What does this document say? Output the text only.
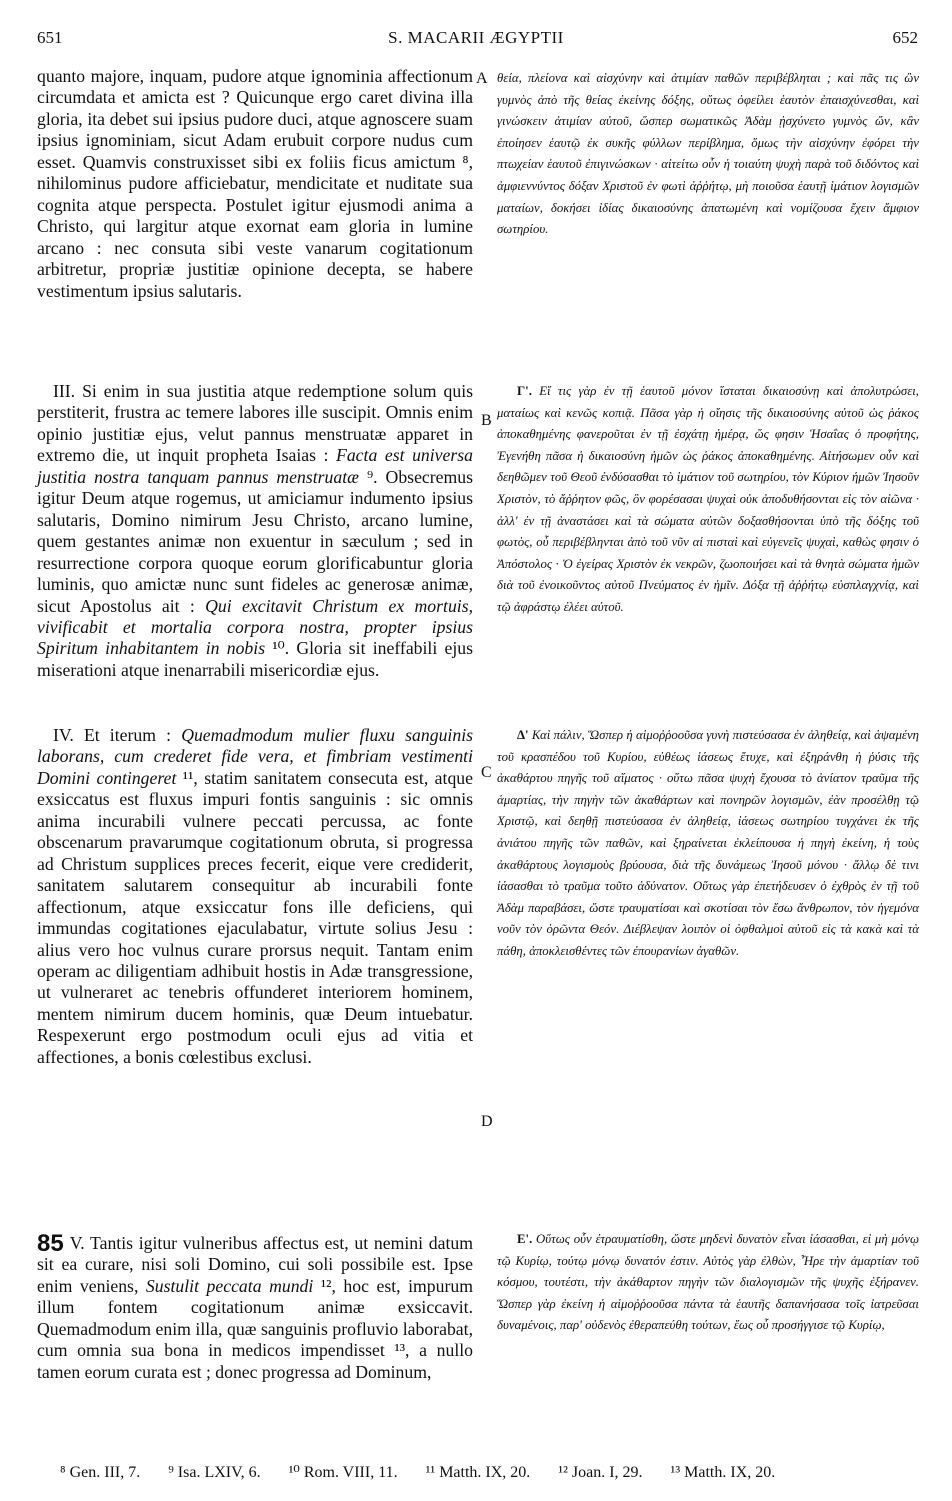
651	S. MACARII ÆGYPTII	652

quanto majore, inquam, pudore atque ignominia affectionum circumdata et amicta est ? Quicunque ergo caret divina illa gloria, ita debet sui ipsius pudore duci, atque agnoscere suam ipsius ignominiam, sicut Adam erubuit corpore nudus cum esset. Quamvis construxisset sibi ex foliis ficus amictum ⁸, nihilominus pudore afficiebatur, mendicitate et nuditate sua cognita atque perspecta. Postulet igitur ejusmodi anima a Christo, qui largitur atque exornat eam gloria in lumine arcano : nec consuta sibi veste vanarum cogitationum arbitretur, propriæ justitiæ opinione decepta, se habere vestimentum ipsius salutaris.

III. Si enim in sua justitia atque redemptione solum quis perstiterit, frustra ac temere labores ille suscipit. Omnis enim opinio justitiæ ejus, velut pannus menstruatæ apparet in extremo die, ut inquit propheta Isaias : Facta est universa justitia nostra tanquam pannus menstruatæ ⁹. Obsecremus igitur Deum atque rogemus, ut amiciamur indumento ipsius salutaris, Domino nimirum Jesu Christo, arcano lumine, quem gestantes animæ non exuentur in sæculum ; sed in resurrectione corpora quoque eorum glorificabuntur gloria luminis, quo amictæ nunc sunt fideles ac generosæ animæ, sicut Apostolus ait : Qui excitavit Christum ex mortuis, vivificabit et mortalia corpora nostra, propter ipsius Spiritum inhabitantem in nobis ¹⁰. Gloria sit ineffabili ejus miserationi atque inenarrabili misericordiæ ejus.

IV. Et iterum : Quemadmodum mulier fluxu sanguinis laborans, cum crederet fide vera, et fimbriam vestimenti Domini contingeret ¹¹, statim sanitatem consecuta est, atque exsiccatus est fluxus impuri fontis sanguinis : sic omnis anima incurabili vulnere peccati percussa, ac fonte obscenarum pravarumque cogitationum obruta, si progressa ad Christum supplices preces fecerit, eique vere crediderit, sanitatem salutarem consequitur ab incurabili fonte affectionum, atque exsiccatur fons ille deficiens, qui immundas cogitationes ejaculabatur, virtute solius Jesu : alius vero hoc vulnus curare prorsus nequit. Tantam enim operam ac diligentiam adhibuit hostis in Adæ transgressione, ut vulneraret ac tenebris offunderet interiorem hominem, mentem nimirum ducem hominis, quæ Deum intuebatur. Respexerunt ergo postmodum oculi ejus ad vitia et affectiones, a bonis cœlestibus exclusi.

85 V. Tantis igitur vulneribus affectus est, ut nemini datum sit ea curare, nisi soli Domino, cui soli possibile est. Ipse enim veniens, Sustulit peccata mundi ¹², hoc est, impurum illum fontem cogitationum animæ exsiccavit. Quemadmodum enim illa, quæ sanguinis profluvio laborabat, cum omnia sua bona in medicos impendisset ¹³, a nullo tamen eorum curata est ; donec progressa ad Dominum,

θεία, πλείονα καὶ αἰσχύνην καὶ ἀτιμίαν παθῶν περιβέβληται ; καὶ πᾶς τις ὢν γυμνὸς ἀπὸ τῆς θείας ἐκείνης δόξης, οὕτως ὀφείλει ἑαυτὸν ἐπαισχύνεσθαι, καὶ γινώσκειν ἀτιμίαν αὐτοῦ, ὥσπερ σωματικῶς Ἀδὰμ ᾐσχύνετο γυμνὸς ὤν, κἂν ἐποίησεν ἑαυτῷ ἐκ συκῆς φύλλων περίβλημα, ὅμως τὴν αἰσχύνην ἐφόρει τὴν πτωχείαν ἑαυτοῦ ἐπιγινώσκων · αἰτείτω οὖν ἡ τοιαύτη ψυχὴ παρὰ τοῦ διδόντος καὶ ἀμφιεννύντος δόξαν Χριστοῦ ἐν φωτὶ ἀῤῥήτῳ, μὴ ποιοῦσα ἑαυτῇ ἱμάτιον λογισμῶν ματαίων, δοκήσει ἰδίας δικαιοσύνης ἀπατωμένη καὶ νομίζουσα ἔχειν ἄμφιον σωτηρίου.

Γ'. Εἴ τις γὰρ ἐν τῇ ἑαυτοῦ μόνον ἵσταται δικαιοσύνῃ καὶ ἀπολυτρώσει, ματαίως καὶ κενῶς κοπιᾷ. Πᾶσα γὰρ ἡ οἴησις τῆς δικαιοσύνης αὐτοῦ ὡς ῥάκος ἀποκαθημένης φανεροῦται ἐν τῇ ἐσχάτῃ ἡμέρᾳ, ὥς φησιν Ἡσαΐας ὁ προφήτης, Ἐγενήθη πᾶσα ἡ δικαιοσύνη ἡμῶν ὡς ῥάκος ἀποκαθημένης. Αἰτήσωμεν οὖν καὶ δεηθῶμεν τοῦ Θεοῦ ἐνδύσασθαι τὸ ἱμάτιον τοῦ σωτηρίου, τὸν Κύριον ἡμῶν Ἰησοῦν Χριστὸν, τὸ ἄῤῥητον φῶς, ὃν φορέσασαι ψυχαὶ οὐκ ἀποδυθήσονται εἰς τὸν αἰῶνα · ἀλλ' ἐν τῇ ἀναστάσει καὶ τὰ σώματα αὐτῶν δοξασθήσονται ὑπὸ τῆς δόξης τοῦ φωτὸς, οὗ περιβέβληνται ἀπὸ τοῦ νῦν αἱ πισταὶ καὶ εὐγενεῖς ψυχαὶ, καθὼς φησιν ὁ Ἀπόστολος · Ὁ ἐγείρας Χριστὸν ἐκ νεκρῶν, ζωοποιήσει καὶ τὰ θνητὰ σώματα ἡμῶν διὰ τοῦ ἐνοικοῦντος αὐτοῦ Πνεύματος ἐν ἡμῖν. Δόξα τῇ ἀῤῥήτῳ εὐσπλαγχνίᾳ, καὶ τῷ ἀφράστῳ ἐλέει αὐτοῦ.

Δ' Καὶ πάλιν, Ὥσπερ ἡ αἱμοῤῥοοῦσα γυνὴ πιστεύσασα ἐν ἀληθείᾳ, καὶ ἁψαμένη τοῦ κρασπέδου τοῦ Κυρίου, εὐθέως ἰάσεως ἔτυχε, καὶ ἐξηράνθη ἡ ῥύσις τῆς ἀκαθάρτου πηγῆς τοῦ αἵματος · οὕτω πᾶσα ψυχὴ ἔχουσα τὸ ἀνίατον τραῦμα τῆς ἁμαρτίας, τὴν πηγὴν τῶν ἀκαθάρτων καὶ πονηρῶν λογισμῶν, ἐὰν προσέλθῃ τῷ Χριστῷ, καὶ δεηθῇ πιστεύσασα ἐν ἀληθείᾳ, ἰάσεως σωτηρίου τυγχάνει ἐκ τῆς ἀνιάτου πηγῆς τῶν παθῶν, καὶ ξηραίνεται ἐκλείπουσα ἡ πηγὴ ἐκείνη, ἡ τοὺς ἀκαθάρτους λογισμοὺς βρύουσα, διὰ τῆς δυνάμεως Ἰησοῦ μόνου · ἄλλῳ δὲ τινι ἰάσασθαι τὸ τραῦμα τοῦτο ἀδύνατον. Οὕτως γὰρ ἐπετήδευσεν ὁ ἐχθρὸς ἐν τῇ τοῦ Ἀδὰμ παραβάσει, ὥστε τραυματίσαι καὶ σκοτίσαι τὸν ἔσω ἄνθρωπον, τὸν ἡγεμόνα νοῦν τὸν ὁρῶντα Θεόν. Διέβλεψαν λοιπὸν οἱ ὀφθαλμοὶ αὐτοῦ εἰς τὰ κακὰ καὶ τὰ πάθη, ἀποκλεισθέντες τῶν ἐπουρανίων ἀγαθῶν.

Ε'. Οὕτως οὖν ἐτραυματίσθη, ὥστε μηδενὶ δυνατὸν εἶναι ἰάσασθαι, εἰ μὴ μόνῳ τῷ Κυρίῳ, τούτῳ μόνῳ δυνατόν ἐστιν. Αὐτὸς γὰρ ἐλθὼν, Ἦρε τὴν ἁμαρτίαν τοῦ κόσμου, τουτέστι, τὴν ἀκάθαρτον πηγὴν τῶν διαλογισμῶν τῆς ψυχῆς ἐξήρανεν. Ὥσπερ γὰρ ἐκείνη ἡ αἱμοῤῥοοῦσα πάντα τὰ ἑαυτῆς δαπανήσασα τοῖς ἰατρεῦσαι δυναμένοις, παρ' οὐδενὸς ἐθεραπεύθη τούτων, ἕως οὗ προσήγγισε τῷ Κυρίῳ,

A
B
C
D
⁸ Gen. III, 7. ⁹ Isa. LXIV, 6. ¹⁰ Rom. VIII, 11. ¹¹ Matth. IX, 20. ¹² Joan. I, 29. ¹³ Matth. IX, 20.
